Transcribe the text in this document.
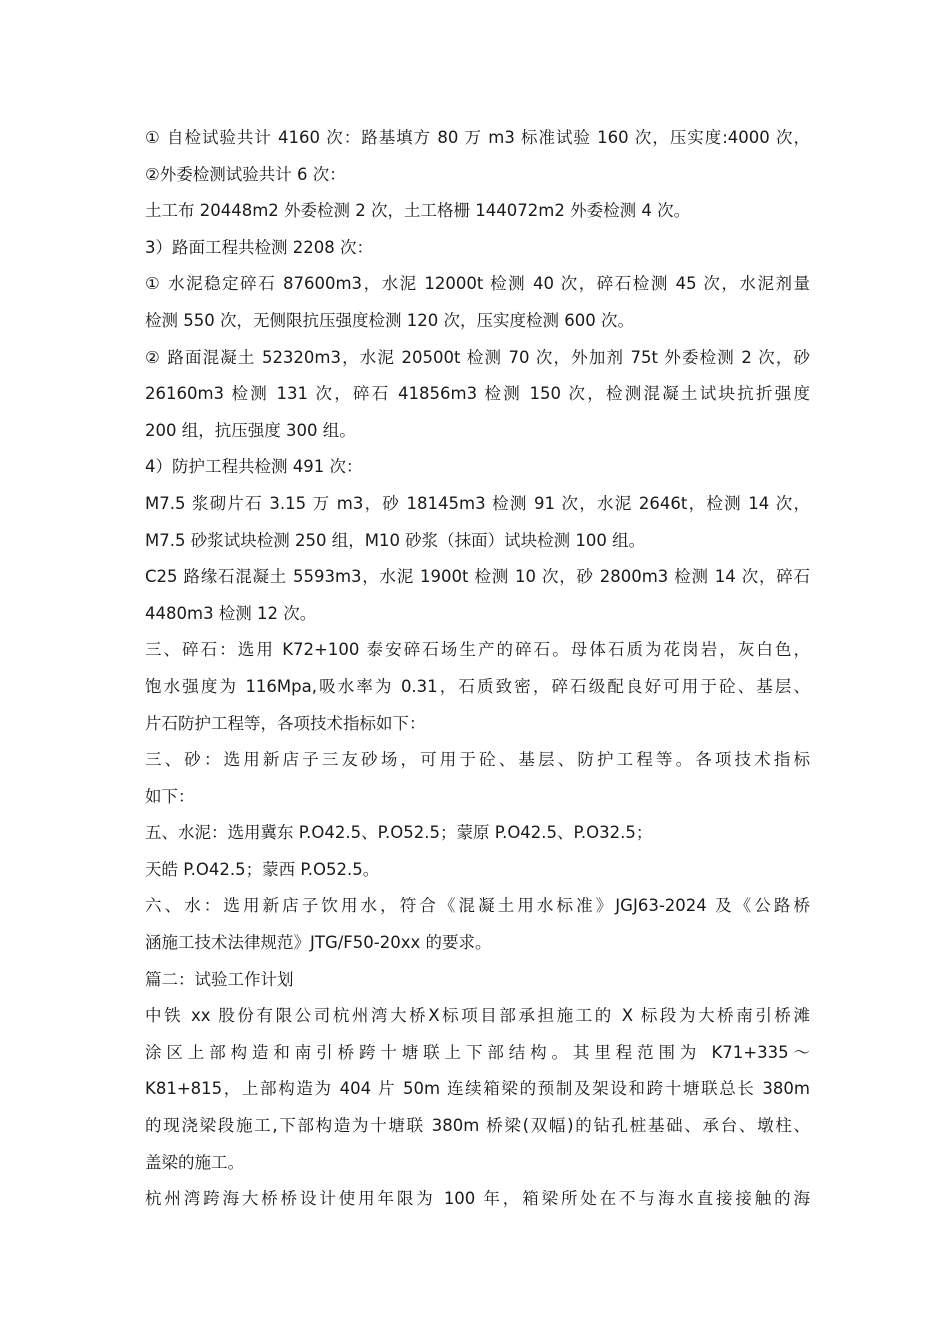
① 自检试验共计 4160 次：路基填方 80 万 m3 标准试验 160 次，压实度:4000 次，
②外委检测试验共计 6 次：
土工布 20448m2 外委检测 2 次，土工格栅 144072m2 外委检测 4 次。
3）路面工程共检测 2208 次：
① 水泥稳定碎石 87600m3，水泥 12000t 检测 40 次，碎石检测 45 次，水泥剂量
检测 550 次，无侧限抗压强度检测 120 次，压实度检测 600 次。
② 路面混凝土 52320m3，水泥 20500t 检测 70 次，外加剂 75t 外委检测 2 次，砂
26160m3 检测 131 次，碎石 41856m3 检测 150 次，检测混凝土试块抗折强度
200 组，抗压强度 300 组。
4）防护工程共检测 491 次：
M7.5 浆砌片石 3.15 万 m3，砂 18145m3 检测 91 次，水泥 2646t，检测 14 次，
M7.5 砂浆试块检测 250 组，M10 砂浆（抹面）试块检测 100 组。
C25 路缘石混凝土 5593m3，水泥 1900t 检测 10 次，砂 2800m3 检测 14 次，碎石
4480m3 检测 12 次。
三、碎石：选用 K72+100 泰安碎石场生产的碎石。母体石质为花岗岩，灰白色，
饱水强度为 116Mpa,吸水率为 0.31，石质致密，碎石级配良好可用于砼、基层、
片石防护工程等，各项技术指标如下：
三、砂：选用新店子三友砂场，可用于砼、基层、防护工程等。各项技术指标
如下：
五、水泥：选用冀东 P.O42.5、P.O52.5；蒙原 P.O42.5、P.O32.5；
天皓 P.O42.5；蒙西 P.O52.5。
六、水：选用新店子饮用水，符合《混凝土用水标准》JGJ63-2024 及《公路桥
涵施工技术法律规范》JTG/F50-20xx 的要求。
篇二：试验工作计划
中铁 xx 股份有限公司杭州湾大桥Ⅹ标项目部承担施工的 X 标段为大桥南引桥滩
涂区上部构造和南引桥跨十塘联上下部结构。其里程范围为 K71+335～
K81+815，上部构造为 404 片 50m 连续箱梁的预制及架设和跨十塘联总长 380m
的现浇梁段施工,下部构造为十塘联 380m 桥梁(双幅)的钻孔桩基础、承台、墩柱、
盖梁的施工。
杭州湾跨海大桥桥设计使用年限为 100 年，箱梁所处在不与海水直接接触的海
